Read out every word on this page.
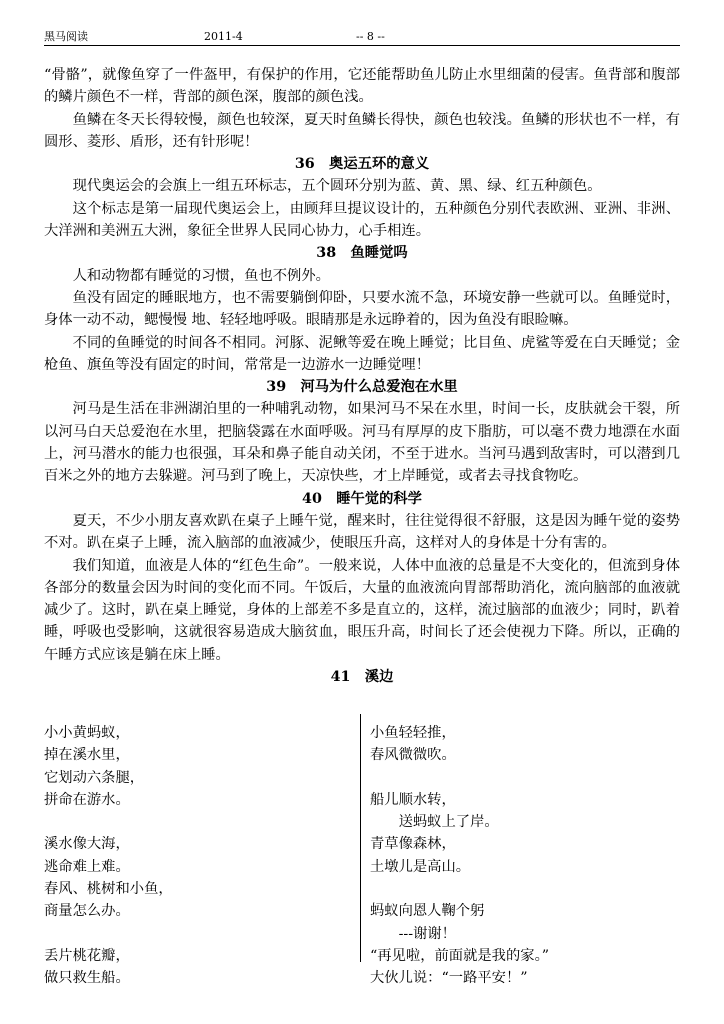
黑马阅读	2011-4	-- 8 --

“骨骼”，就像鱼穿了一件盔甲，有保护的作用，它还能帮助鱼儿防止水里细菌的侵害。鱼背部和腹部的鳞片颜色不一样，背部的颜色深，腹部的颜色浅。

鱼鳞在冬天长得较慢，颜色也较深，夏天时鱼鳞长得快，颜色也较浅。鱼鳞的形状也不一样，有圆形、菱形、盾形，还有针形呢！

36　奥运五环的意义

现代奥运会的会旗上一组五环标志，五个圆环分别为蓝、黄、黑、绿、红五种颜色。

这个标志是第一届现代奥运会上，由顾拜旦提议设计的，五种颜色分别代表欧洲、亚洲、非洲、大洋洲和美洲五大洲，象征全世界人民同心协力，心手相连。

38　鱼睡觉吗

人和动物都有睡觉的习惯，鱼也不例外。

鱼没有固定的睡眠地方，也不需要躺倒仰卧，只要水流不急，环境安静一些就可以。鱼睡觉时，身体一动不动，鳃慢慢 地、轻轻地呼吸。眼睛那是永远睁着的，因为鱼没有眼睑嘛。

不同的鱼睡觉的时间各不相同。河豚、泥鳅等爱在晚上睡觉；比目鱼、虎鲨等爱在白天睡觉；金枪鱼、旗鱼等没有固定的时间，常常是一边游水一边睡觉哩！

39　河马为什么总爱泡在水里

河马是生活在非洲湖泊里的一种哺乳动物，如果河马不呆在水里，时间一长，皮肤就会干裂，所以河马白天总爱泡在水里，把脑袋露在水面呼吸。河马有厚厚的皮下脂肪，可以毫不费力地漂在水面上，河马潜水的能力也很强，耳朵和鼻子能自动关闭，不至于进水。当河马遇到敌害时，可以潜到几百米之外的地方去躲避。河马到了晚上，天凉快些，才上岸睡觉，或者去寻找食物吃。

40　睡午觉的科学

夏天，不少小朋友喜欢趴在桌子上睡午觉，醒来时，往往觉得很不舒服，这是因为睡午觉的姿势不对。趴在桌子上睡，流入脑部的血液减少，使眼压升高，这样对人的身体是十分有害的。

我们知道，血液是人体的“红色生命”。一般来说，人体中血液的总量是不大变化的，但流到身体各部分的数量会因为时间的变化而不同。午饭后，大量的血液流向胃部帮助消化，流向脑部的血液就减少了。这时，趴在桌上睡觉，身体的上部差不多是直立的，这样，流过脑部的血液少；同时，趴着睡，呼吸也受影响，这就很容易造成大脑贫血，眼压升高，时间长了还会使视力下降。所以，正确的午睡方式应该是躺在床上睡。

41　溪边

小小黄蚂蚁，
掉在溪水里，
它划动六条腿，
拼命在游水。
溪水像大海，
逃命难上难。
春风、桃树和小鱼，
商量怎么办。
丢片桃花瓣，
做只救生船。
小鱼轻轻推，
春风微微吹。
船儿顺水转，
送蚂蚁上了岸。
青草像森林，
土墩儿是高山。
蚂蚁向恩人鞠个躬
---谢谢！
“再见啦，前面就是我的家。”
大伙儿说：“一路平安！”
